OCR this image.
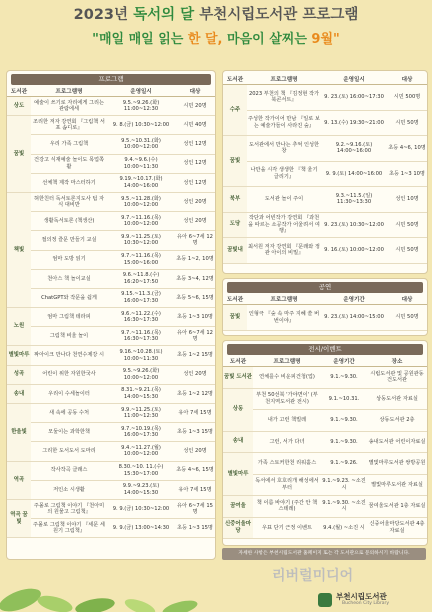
2023년 독서의 달 부천시립도서관 프로그램
"매일 매일 읽는 한 달, 마음이 살찌는 9월"
프로그램
도서관	프로그램명	운영일시	대상
상도	예술이 쓰기로 자리에게 그리는 관람에세	9.5.~9.26.(화) 11:00~12:30	시민 20명
꿈빛	조리한 저자 강연회 『그림책 서포 솜디로』	9. 8.(금) 10:30~12:00	시민 40명
	우리 가족 그림책	9.5.~10.31.(화) 10:00~12:00	성인 12명
	건강고 식재예술 놀이도 목업쪽활	9.4.~9.6.(수) 10:00~11:30	성인 12명
	선체책 제작 마스터하기	9.19.~10.17.(화) 14:00~16:00	성인 12명
책빛	혀한친터 독서토론지도사 팁 자식 대비반	9.5.~11.28.(화) 10:00~12:00	성인 20명
	생활독서토론 (책생산)	9.7.~11.16.(목) 10:00~12:00	성인 20명
	절의정 즐문 만들기 교실	9.9.~11.25.(토) 10:30~12:00	유아 6~7세 12명
	엄마 도방 읽기	9.7.~11.16.(목) 15:00~16:00	초등 1~2, 10명
	천아스 책 놀이교실	9.6.~11.8.(수) 16:20~17:50	초등 3~4, 12명
	ChatGPT와 작문을 쉽게	9.15.~11.3.(금) 16:00~17:30	초등 5~6, 15명
노원	엄마 그림책 테라피	9.6.~11.22.(수) 16:30~17:30	초등 1~3 10명
	그림책 비울 놀이	9.7.~11.16.(목) 16:30~17:30	유아 6~7세 12명
별빛마루	짜아이크 만나다 천연수제강 시	9.16.~10.28.(토) 10:00~11:30	초등 1~2 15명
성곡	어린이 위한 자원한국사	9.5.~9.26.(화) 10:00~12:00	성인 20명
송내	우리이 수세놀이터	8.31.~9.21.(목) 14:00~15:30	초등 1~2 12명
한울빛	새 속에 공동 수처	9.9.~11.25.(토) 11:00~12:30	유아 7세 15명
	모둘이는 과학한책	9.7.~10.19.(목) 16:00~17:30	초등 1~3 15명
	그리한 도서도서 도마리	9.4.~11.27.(월) 10:00~12:00	성인 20명
역곡	작사작곡 클래스	8.30.~10. 11.(수) 15:30~17:00	초등 4~6, 15명
	저인소 시생활	9.9.~9.23.(토) 14:00~15:30	유아 7세 15명
역곡 꿈빛	주몰로 그림책 이야기 『천아미의 원물고 그림책』	9. 9.(금) 10:30~12:00	유아 6~7세 15명
	주몰로 그림책 이야기 『세문 세 원기 그림책』	9. 9.(금) 13:00~14:30	초등 1~3 15명
도서관	프로그램명	운영일시	대상
수주	2023 부천의 책 『김정현 작가 북콘서트』	9. 23.(토) 16:00~17:30	시민 500명
	주성한 작가이어 만남 『일로 보는 예술가들이 사라진 숲』	9. 13.(수) 19:30~21:00	시민 50명
꿈빛	도서관에서 만나는 추억 인성한창	9.2.~9.16.(토) 14:00~16:00	초등 4~6, 10명
	나만을 시각 생생한 『책 울기 글리기』	9. 9.(토) 14:00~16:00	초등 1~3 10명
북부	도서관 놀이 주이	9.3.~11.5.(일) 11:30~13:30	성인 10명
도당	작단과 어빈작가 강연회 『과천을 따르는 소공작가 어울려서 여행』	9. 23.(토) 10:30~12:00	시민 50명
꿈빛내	최서원 저자 강연회 『문래와 정관 아이의 비밀』	9. 16.(토) 10:00~12:00	시민 50명
공연
도서관	프로그램명	운영기간	대상
꿈빛	인형극 『숲 속 마주 지혜 쓸 버번이야』	9. 23.(토) 14:00~15:00	시민 50명
전시/이벤트
도서관	프로그램명	운영기간	장소
꿈빛 도서관	연체를수 비운피건청(업)	9.1.~9.30.	시립도서관 및 공원관동건도서관
상동	부천 50선북 '가야면이' (부천지역도서관 전시)	9.1.~10.31.	상동도서관 자료실
	내가 고런 책빌레	9.1.~9.30.	상동도서관 2층
송내	그런, 서가 다녀	9.1.~9.30.	송내도서관 어린이자료실
별빛마루	가족 스토커한천 리워홀스	9.1.~9.26.	별빛마루도서관 쌍방공원
	독서에서 호호리개 해성에서부터	9.1.~9.23. ~소진 시	별빛마루도서관 자료실
꿈여울	책 이름 바야기 (주간 안 책 스테레)	9.1.~9.30. ~소진 시	꿈여울도서관 1층 자료실
신중어울마당	우표 단기 근정 이벤트	9.4.(월) ~소진 시	신중어울마당도서관 4층 자료실
자세한 사항은 부천시립도서관 홈페이지 또는 각 도서관으로 문의하시기 바랍니다.
리버럴미디어
부천시립도서관
Bucheon City Library
